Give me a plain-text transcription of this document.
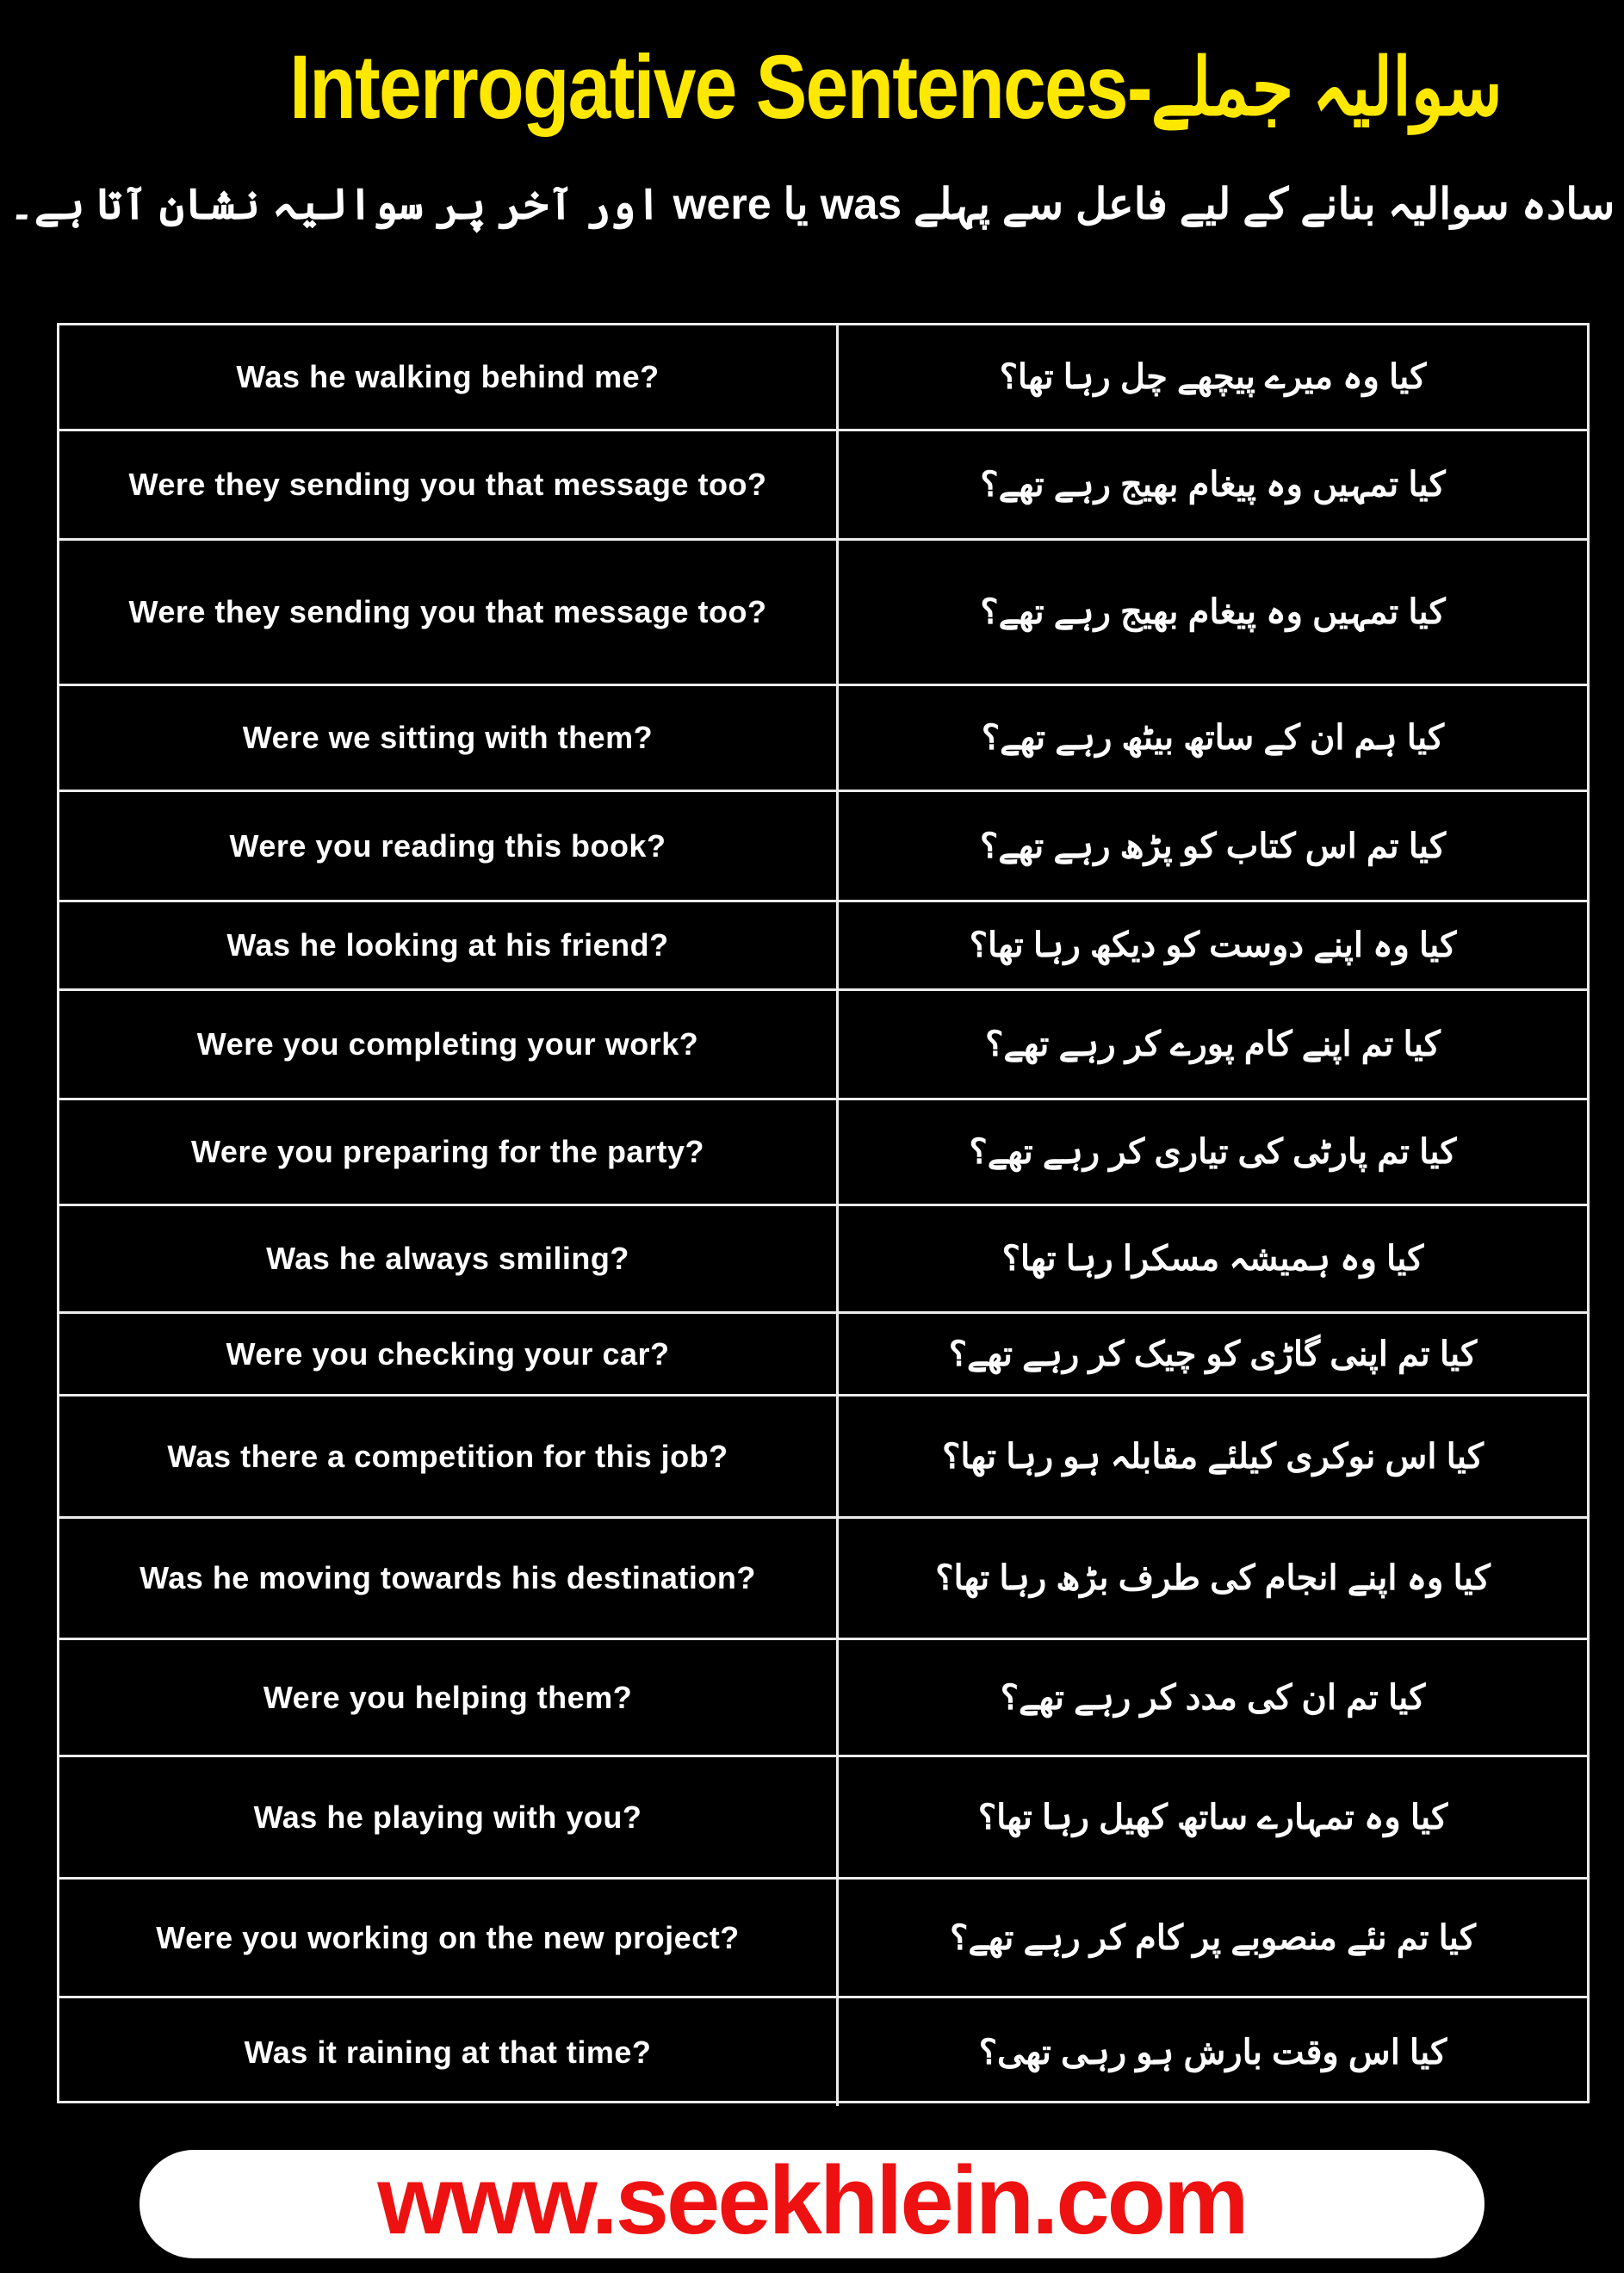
Interrogative Sentences- سوالیہ جملے
سادہ سوالیہ بنانے کے لیے فاعل سے پہلے was یا were اور آخر پر سوالیہ نشان آتا ہے۔
Was he walking behind me?	کیا وہ میرے پیچھے چل رہا تھا؟
Were they sending you that message too?	کیا تمہیں وہ پیغام بھیج رہے تھے؟
Were they sending you that message too?	کیا تمہیں وہ پیغام بھیج رہے تھے؟
Were we sitting with them?	کیا ہم ان کے ساتھ بیٹھ رہے تھے؟
Were you reading this book?	کیا تم اس کتاب کو پڑھ رہے تھے؟
Was he looking at his friend?	کیا وہ اپنے دوست کو دیکھ رہا تھا؟
Were you completing your work?	کیا تم اپنے کام پورے کر رہے تھے؟
Were you preparing for the party?	کیا تم پارٹی کی تیاری کر رہے تھے؟
Was he always smiling?	کیا وہ ہمیشہ مسکرا رہا تھا؟
Were you checking your car?	کیا تم اپنی گاڑی کو چیک کر رہے تھے؟
Was there a competition for this job?	کیا اس نوکری کیلئے مقابلہ ہو رہا تھا؟
Was he moving towards his destination?	کیا وہ اپنے انجام کی طرف بڑھ رہا تھا؟
Were you helping them?	کیا تم ان کی مدد کر رہے تھے؟
Was he playing with you?	کیا وہ تمہارے ساتھ کھیل رہا تھا؟
Were you working on the new project?	کیا تم نئے منصوبے پر کام کر رہے تھے؟
Was it raining at that time?	کیا اس وقت بارش ہو رہی تھی؟
www.seekhlein.com
